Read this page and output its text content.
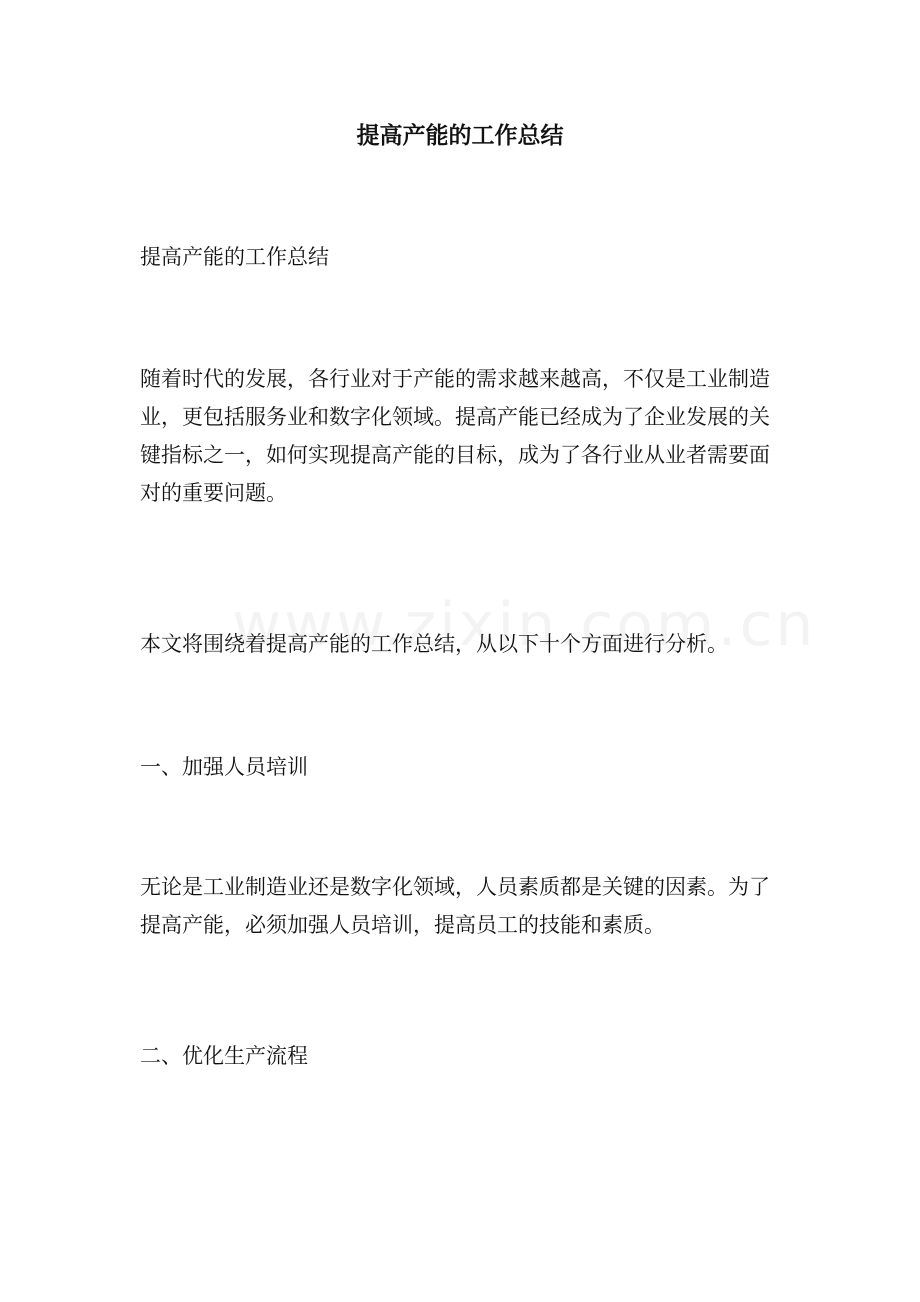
提高产能的工作总结
提高产能的工作总结
随着时代的发展，各行业对于产能的需求越来越高，不仅是工业制造业，更包括服务业和数字化领域。提高产能已经成为了企业发展的关键指标之一，如何实现提高产能的目标，成为了各行业从业者需要面对的重要问题。
本文将围绕着提高产能的工作总结，从以下十个方面进行分析。
一、加强人员培训
无论是工业制造业还是数字化领域，人员素质都是关键的因素。为了提高产能，必须加强人员培训，提高员工的技能和素质。
二、优化生产流程
